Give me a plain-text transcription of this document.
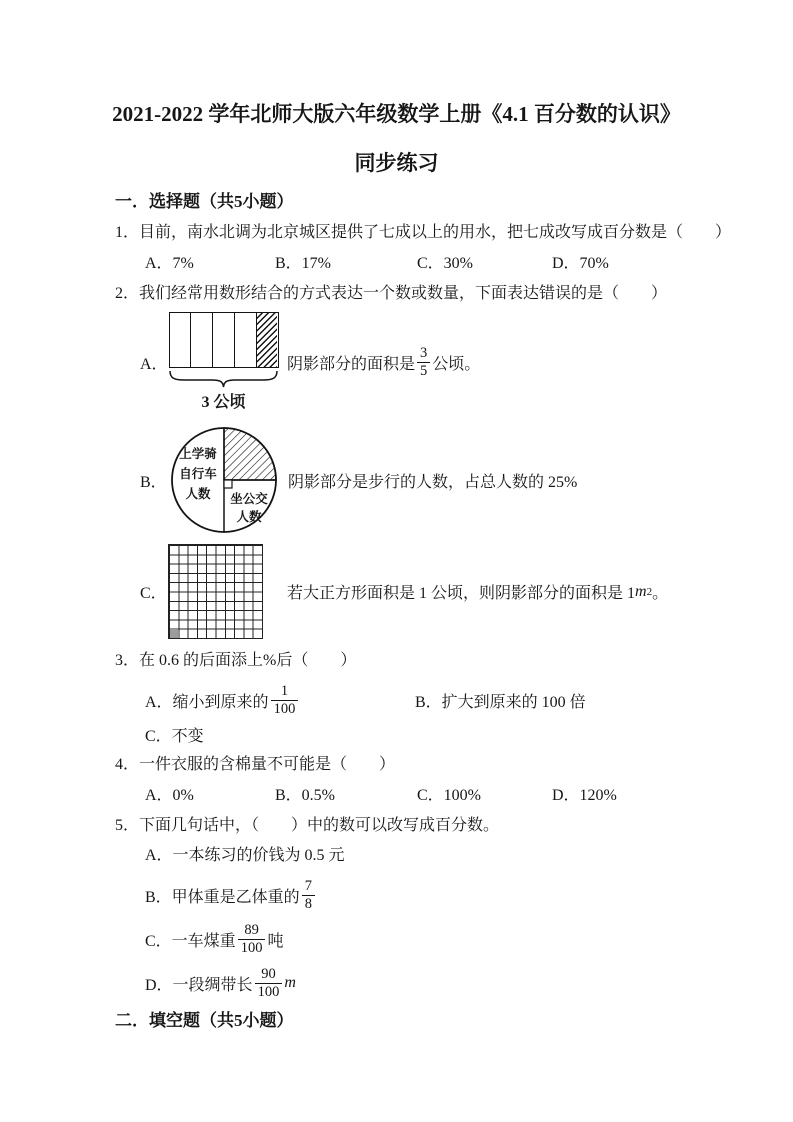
2021-2022 学年北师大版六年级数学上册《4.1 百分数的认识》
同步练习
一．选择题（共5小题）
1．目前，南水北调为北京城区提供了七成以上的用水，把七成改写成百分数是（　　）
A．7%	B．17%	C．30%	D．70%
2．我们经常用数形结合的方式表达一个数或数量，下面表达错误的是（　　）
A．
3 公顷
阴影部分的面积是 $\frac{3}{5}$ 公顷。
B．
上学骑
自行车
人数 坐公交
人数
阴影部分是步行的人数，占总人数的 25%
C．	若大正方形面积是 1 公顷，则阴影部分的面积是 1 m 2 。
3．在 0.6 的后面添上%后（　　）
A．缩小到原来的 $\frac{1}{100}$	B．扩大到原来的 100 倍
C．不变
4．一件衣服的含棉量不可能是（　　）
A．0%	B．0.5%	C．100%	D．120%
5．下面几句话中，（　　）中的数可以改写成百分数。
A．一本练习的价钱为 0.5 元
B．甲体重是乙体重的 $\frac{7}{8}$
C．一车煤重 $\frac{89}{100}$ 吨
D．一段绸带长 $\frac{90}{100}$ m
二．填空题（共5小题）
